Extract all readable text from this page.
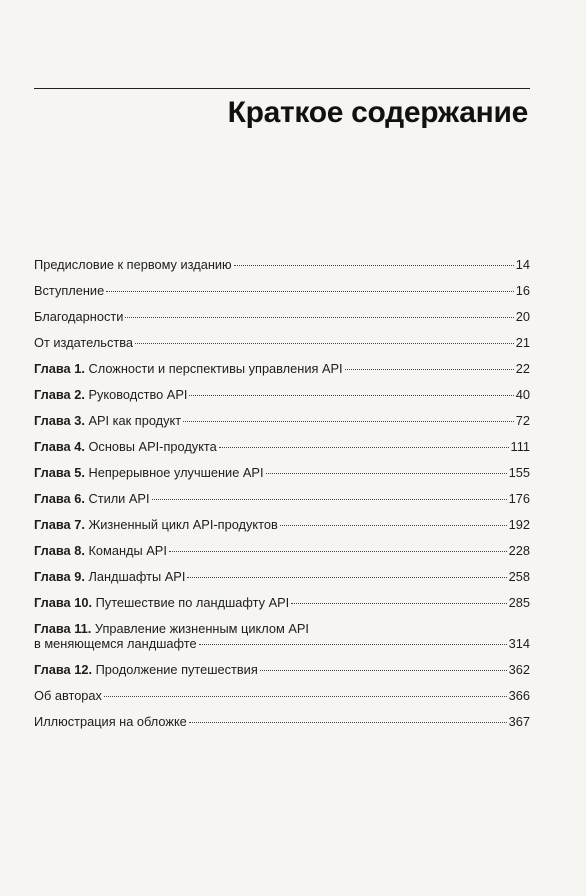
Краткое содержание
Предисловие к первому изданию	14
Вступление	16
Благодарности	20
От издательства	21
Глава 1. Сложности и перспективы управления API	22
Глава 2. Руководство API	40
Глава 3. API как продукт	72
Глава 4. Основы API-продукта	111
Глава 5. Непрерывное улучшение API	155
Глава 6. Стили API	176
Глава 7. Жизненный цикл API-продуктов	192
Глава 8. Команды API	228
Глава 9. Ландшафты API	258
Глава 10. Путешествие по ландшафту API	285
Глава 11. Управление жизненным циклом API
в меняющемся ландшафте	314
Глава 12. Продолжение путешествия	362
Об авторах	366
Иллюстрация на обложке	367
